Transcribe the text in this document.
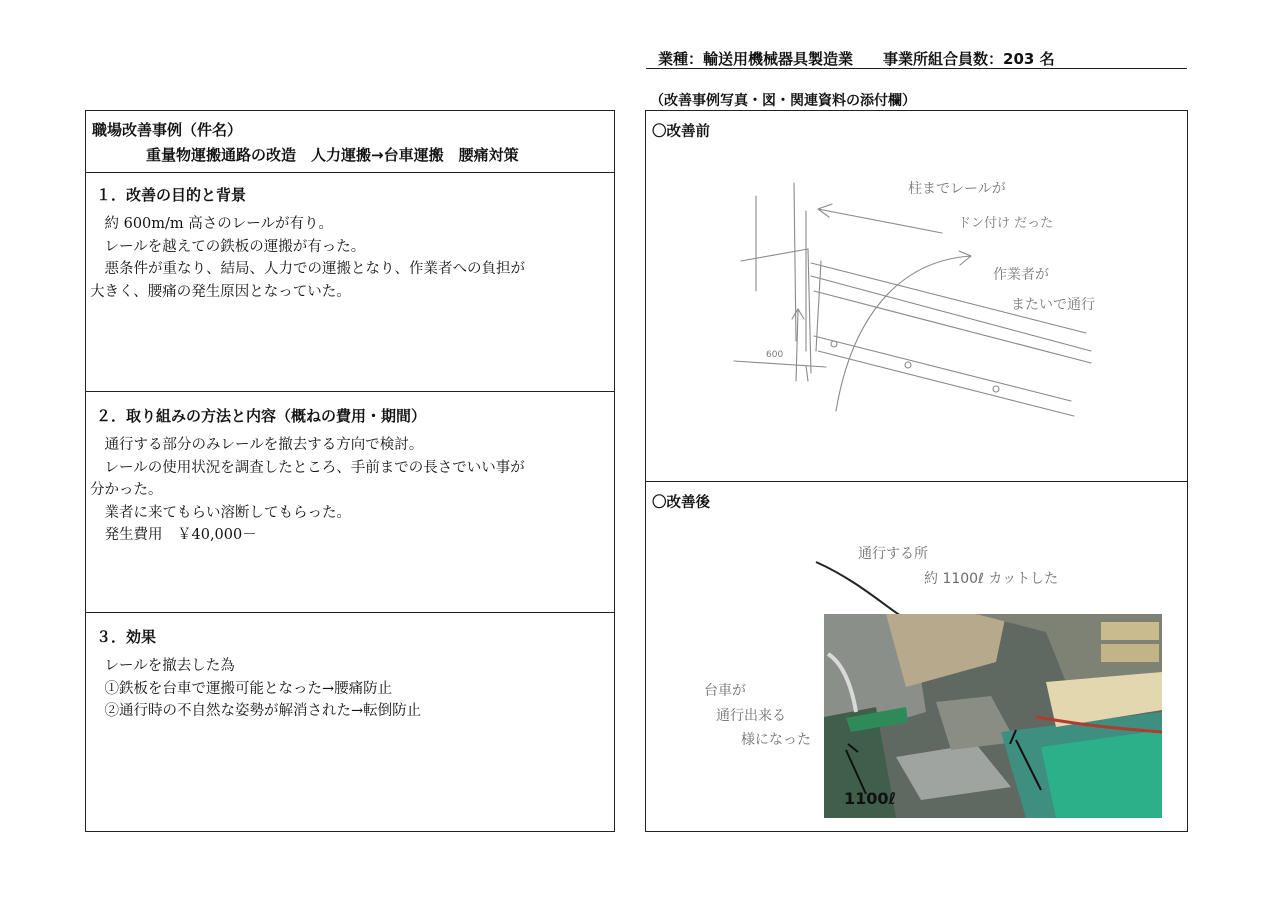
業種：輸送用機械器具製造業　　 事業所組合員数：203 名
（改善事例写真・図・関連資料の添付欄）
職場改善事例（件名）
重量物運搬通路の改造　人力運搬→台車運搬　腰痛対策
１．改善の目的と背景
　約 600m/m 高さのレールが有り。
　レールを越えての鉄板の運搬が有った。
　悪条件が重なり、結局、人力での運搬となり、作業者への負担が
大きく、腰痛の発生原因となっていた。
２．取り組みの方法と内容（概ねの費用・期間）
　通行する部分のみレールを撤去する方向で検討。
　レールの使用状況を調査したところ、手前までの長さでいい事が
分かった。
　業者に来てもらい溶断してもらった。
　発生費用　￥40,000－
３．効果
　レールを撤去した為
　①鉄板を台車で運搬可能となった→腰痛防止
　②通行時の不自然な姿勢が解消された→転倒防止
〇改善前
柱までレールが
ドン付け だった
作業者が
またいで通行
600
〇改善後
通行する所
約 1100ℓ カットした
台車が
通行出来る
様になった
1100ℓ
